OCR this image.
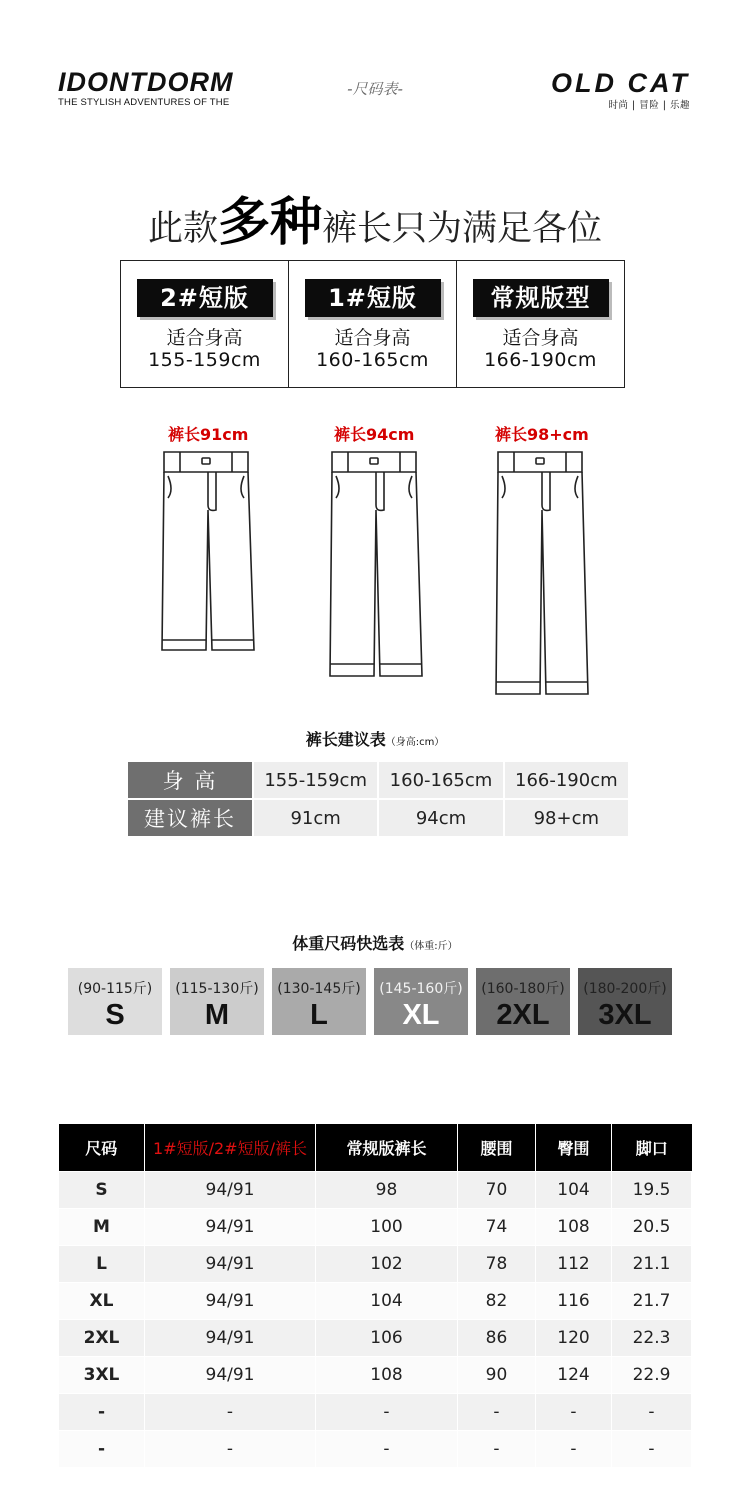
IDONTDORM
THE STYLISH ADVENTURES OF THE
-尺码表-	OLD CAT
时尚 | 冒险 | 乐趣
此款多种裤长只为满足各位
2#短版
适合身高
155-159cm
1#短版
适合身高
160-165cm
常规版型
适合身高
166-190cm
裤长91cm	裤长94cm	裤长98+cm
裤长建议表（身高:cm）
身 高	155-159cm	160-165cm	166-190cm
建议裤长	91cm	94cm	98+cm
体重尺码快选表（体重:斤）
(90-115斤)
S
(115-130斤)
M
(130-145斤)
L
(145-160斤)
XL
(160-180斤)
2XL
(180-200斤)
3XL
尺码	1#短版/2#短版/裤长	常规版裤长	腰围	臀围	脚口
S	94/91	98	70	104	19.5
M	94/91	100	74	108	20.5
L	94/91	102	78	112	21.1
XL	94/91	104	82	116	21.7
2XL	94/91	106	86	120	22.3
3XL	94/91	108	90	124	22.9
-	-	-	-	-	-
-	-	-	-	-	-
